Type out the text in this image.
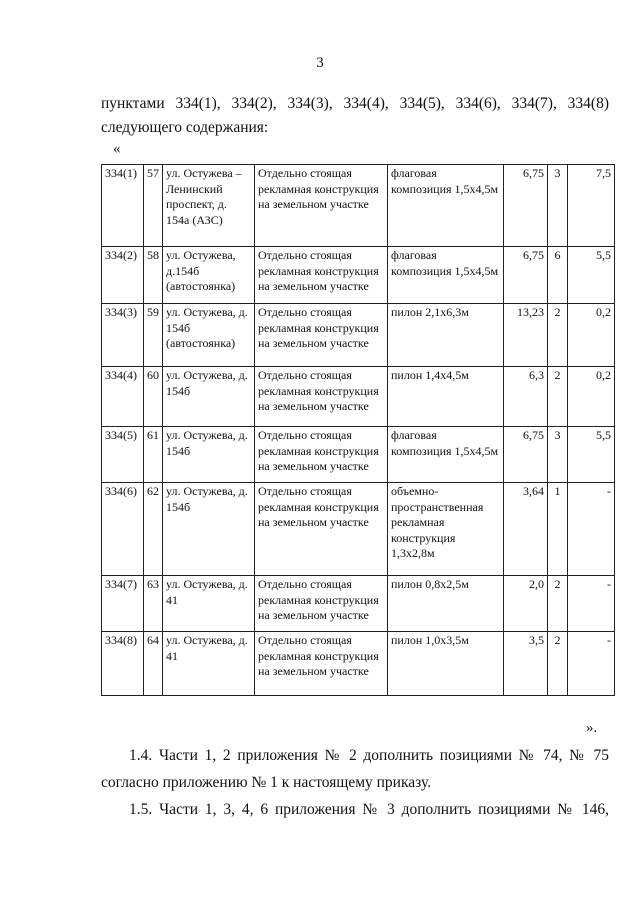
3
пунктами 334(1), 334(2), 334(3), 334(4), 334(5), 334(6), 334(7), 334(8)
следующего содержания:
«
334(1)	57	ул. Остужева – Ленинский проспект, д. 154а (АЗС)	Отдельно стоящая рекламная конструкция на земельном участке	флаговая композиция 1,5х4,5м	6,75	3	7,5
334(2)	58	ул. Остужева, д.154б (автостоянка)	Отдельно стоящая рекламная конструкция на земельном участке	флаговая композиция 1,5х4,5м	6,75	6	5,5
334(3)	59	ул. Остужева, д. 154б (автостоянка)	Отдельно стоящая рекламная конструкция на земельном участке	пилон 2,1х6,3м	13,23	2	0,2
334(4)	60	ул. Остужева, д. 154б	Отдельно стоящая рекламная конструкция на земельном участке	пилон 1,4х4,5м	6,3	2	0,2
334(5)	61	ул. Остужева, д. 154б	Отдельно стоящая рекламная конструкция на земельном участке	флаговая композиция 1,5х4,5м	6,75	3	5,5
334(6)	62	ул. Остужева, д. 154б	Отдельно стоящая рекламная конструкция на земельном участке	объемно-пространственная рекламная конструкция 1,3х2,8м	3,64	1	-
334(7)	63	ул. Остужева, д. 41	Отдельно стоящая рекламная конструкция на земельном участке	пилон 0,8х2,5м	2,0	2	-
334(8)	64	ул. Остужева, д. 41	Отдельно стоящая рекламная конструкция на земельном участке	пилон 1,0х3,5м	3,5	2	-
».
1.4. Части 1, 2 приложения № 2 дополнить позициями № 74, № 75
согласно приложению № 1 к настоящему приказу.
1.5. Части 1, 3, 4, 6 приложения № 3 дополнить позициями № 146,
